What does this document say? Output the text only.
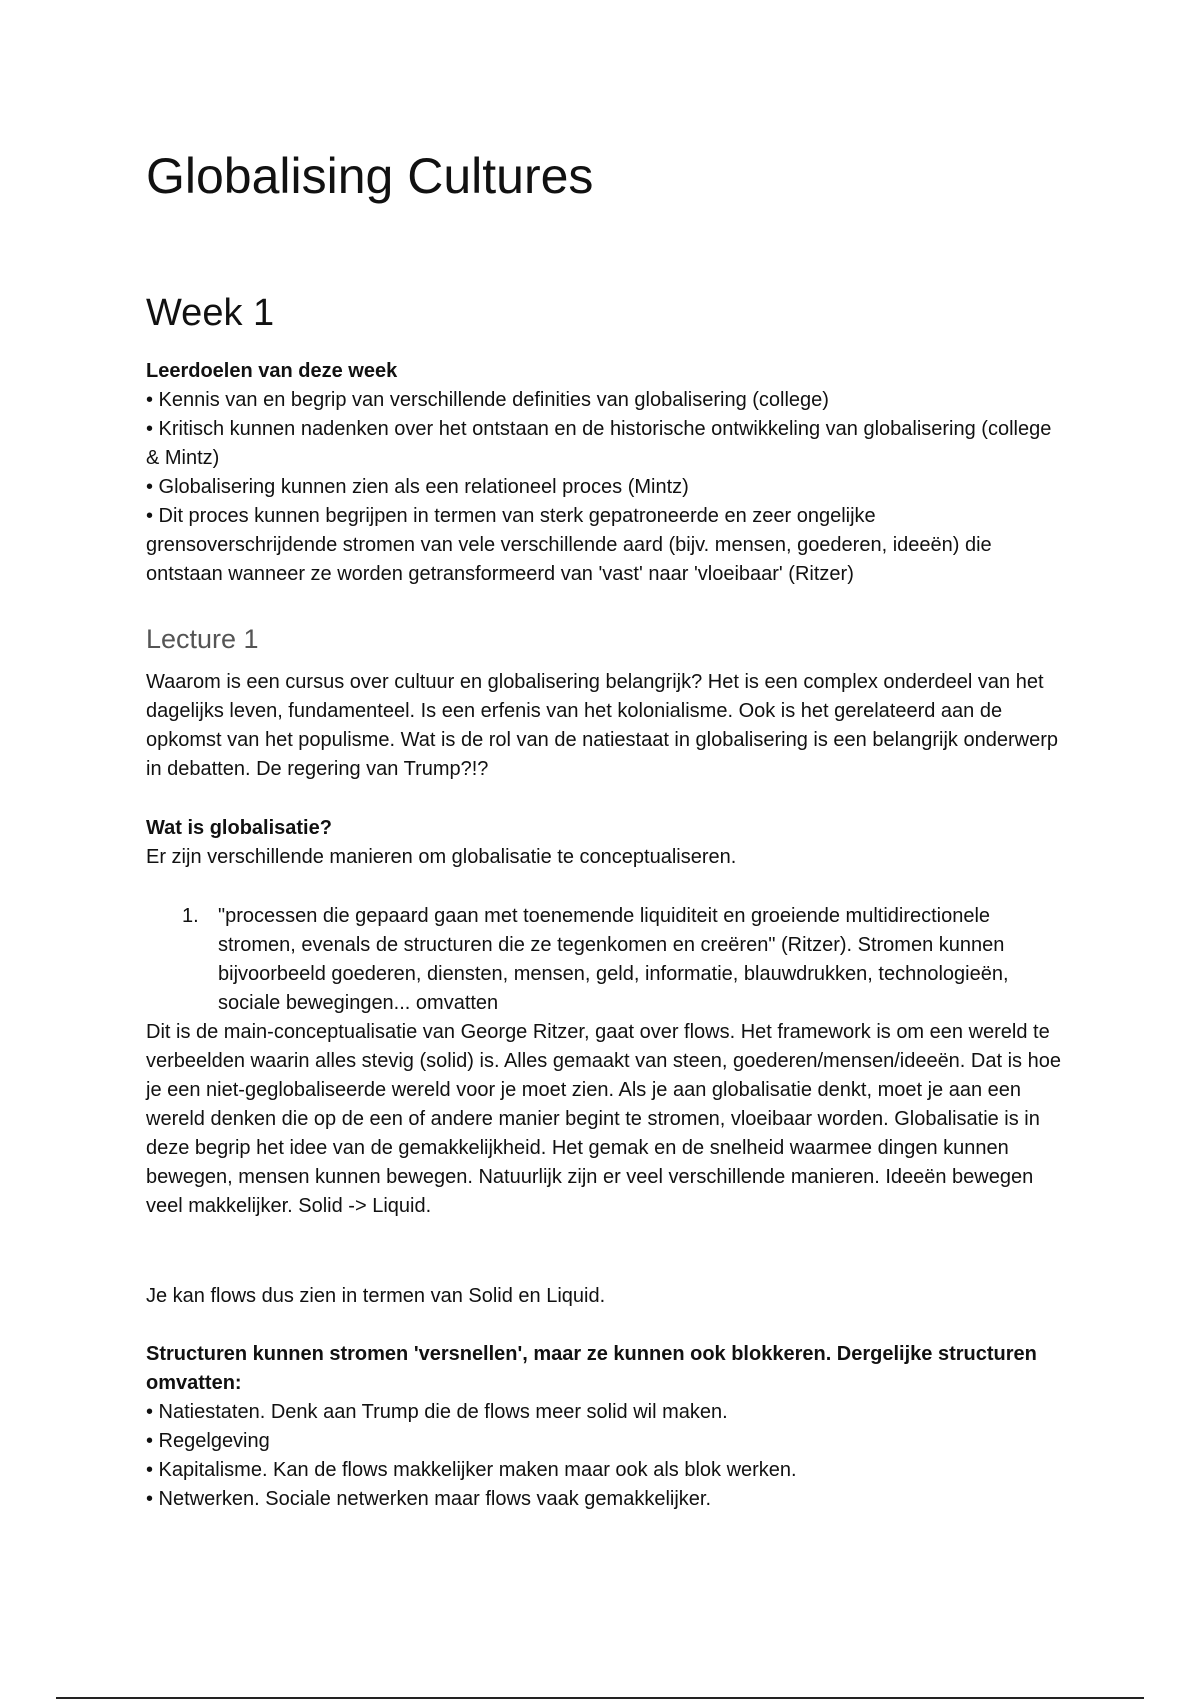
Globalising Cultures
Week 1
Leerdoelen van deze week
• Kennis van en begrip van verschillende definities van globalisering (college)
• Kritisch kunnen nadenken over het ontstaan en de historische ontwikkeling van globalisering (college & Mintz)
• Globalisering kunnen zien als een relationeel proces (Mintz)
• Dit proces kunnen begrijpen in termen van sterk gepatroneerde en zeer ongelijke grensoverschrijdende stromen van vele verschillende aard (bijv. mensen, goederen, ideeën) die ontstaan wanneer ze worden getransformeerd van 'vast' naar 'vloeibaar' (Ritzer)
Lecture 1
Waarom is een cursus over cultuur en globalisering belangrijk? Het is een complex onderdeel van het dagelijks leven, fundamenteel. Is een erfenis van het kolonialisme. Ook is het gerelateerd aan de opkomst van het populisme. Wat is de rol van de natiestaat in globalisering is een belangrijk onderwerp in debatten. De regering van Trump?!?
Wat is globalisatie?
Er zijn verschillende manieren om globalisatie te conceptualiseren.
1. "processen die gepaard gaan met toenemende liquiditeit en groeiende multidirectionele stromen, evenals de structuren die ze tegenkomen en creëren" (Ritzer). Stromen kunnen bijvoorbeeld goederen, diensten, mensen, geld, informatie, blauwdrukken, technologieën, sociale bewegingen... omvatten
Dit is de main-conceptualisatie van George Ritzer, gaat over flows. Het framework is om een wereld te verbeelden waarin alles stevig (solid) is. Alles gemaakt van steen, goederen/mensen/ideeën. Dat is hoe je een niet-geglobaliseerde wereld voor je moet zien. Als je aan globalisatie denkt, moet je aan een wereld denken die op de een of andere manier begint te stromen, vloeibaar worden. Globalisatie is in deze begrip het idee van de gemakkelijkheid. Het gemak en de snelheid waarmee dingen kunnen bewegen, mensen kunnen bewegen. Natuurlijk zijn er veel verschillende manieren. Ideeën bewegen veel makkelijker. Solid -> Liquid.
Je kan flows dus zien in termen van Solid en Liquid.
Structuren kunnen stromen 'versnellen', maar ze kunnen ook blokkeren. Dergelijke structuren omvatten:
• Natiestaten. Denk aan Trump die de flows meer solid wil maken.
• Regelgeving
• Kapitalisme. Kan de flows makkelijker maken maar ook als blok werken.
• Netwerken. Sociale netwerken maar flows vaak gemakkelijker.
